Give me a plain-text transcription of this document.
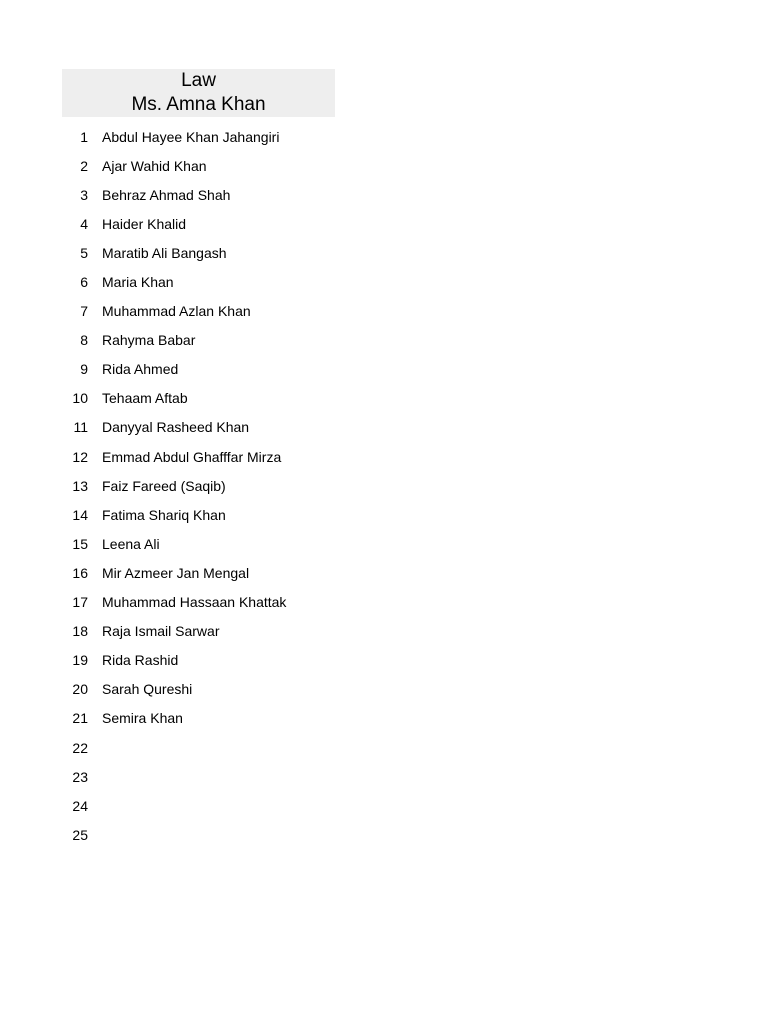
Law
Ms. Amna Khan
1 Abdul Hayee Khan Jahangiri
2 Ajar Wahid Khan
3 Behraz Ahmad Shah
4 Haider Khalid
5 Maratib Ali Bangash
6 Maria Khan
7 Muhammad Azlan Khan
8 Rahyma Babar
9 Rida Ahmed
10 Tehaam Aftab
11 Danyyal Rasheed Khan
12 Emmad Abdul Ghafffar Mirza
13 Faiz Fareed (Saqib)
14 Fatima Shariq Khan
15 Leena Ali
16 Mir Azmeer Jan Mengal
17 Muhammad Hassaan Khattak
18 Raja Ismail Sarwar
19 Rida Rashid
20 Sarah Qureshi
21 Semira Khan
22
23
24
25
